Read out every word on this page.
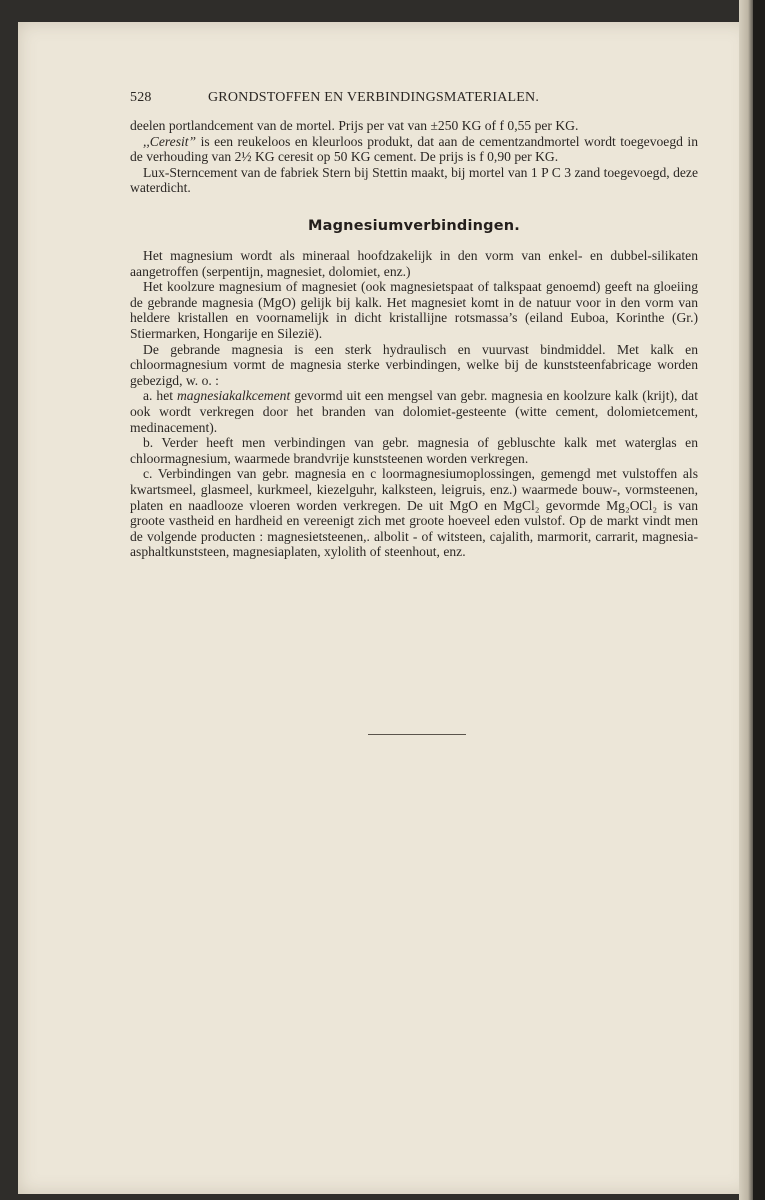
528	GRONDSTOFFEN EN VERBINDINGSMATERIALEN.

deelen portlandcement van de mortel. Prijs per vat van ±250 KG of f 0,55 per KG.

,,Ceresit” is een reukeloos en kleurloos produkt, dat aan de cementzandmortel wordt toegevoegd in de verhouding van 2½ KG ceresit op 50 KG cement. De prijs is f 0,90 per KG.

Lux-Sterncement van de fabriek Stern bij Stettin maakt, bij mortel van 1 P C 3 zand toegevoegd, deze waterdicht.

Magnesiumverbindingen.

Het magnesium wordt als mineraal hoofdzakelijk in den vorm van enkel- en dubbel-silikaten aangetroffen (serpentijn, magnesiet, dolomiet, enz.)

Het koolzure magnesium of magnesiet (ook magnesietspaat of talkspaat genoemd) geeft na gloeiing de gebrande magnesia (MgO) gelijk bij kalk. Het magnesiet komt in de natuur voor in den vorm van heldere kristallen en voornamelijk in dicht kristallijne rotsmassa’s (eiland Euboa, Korinthe (Gr.) Stiermarken, Hongarije en Silezië).

De gebrande magnesia is een sterk hydraulisch en vuurvast bindmiddel. Met kalk en chloormagnesium vormt de magnesia sterke verbindingen, welke bij de kunststeenfabricage worden gebezigd, w. o. :

a. het magnesiakalkcement gevormd uit een mengsel van gebr. magnesia en koolzure kalk (krijt), dat ook wordt verkregen door het branden van dolomiet-gesteente (witte cement, dolomietcement, medinacement).

b. Verder heeft men verbindingen van gebr. magnesia of gebluschte kalk met waterglas en chloormagnesium, waarmede brandvrije kunststeenen worden verkregen.

c. Verbindingen van gebr. magnesia en c loormagnesiumoplossingen, gemengd met vulstoffen als kwartsmeel, glasmeel, kurkmeel, kiezelguhr, kalksteen, leigruis, enz.) waarmede bouw-, vormsteenen, platen en naadlooze vloeren worden verkregen. De uit MgO en MgCl₂ gevormde Mg₂OCl₂ is van groote vastheid en hardheid en vereenigt zich met groote hoeveel eden vulstof. Op de markt vindt men de volgende producten : magnesietsteenen,. albolit - of witsteen, cajalith, marmorit, carrarit, magnesia-asphaltkunststeen, magnesiaplaten, xylolith of steenhout, enz.
